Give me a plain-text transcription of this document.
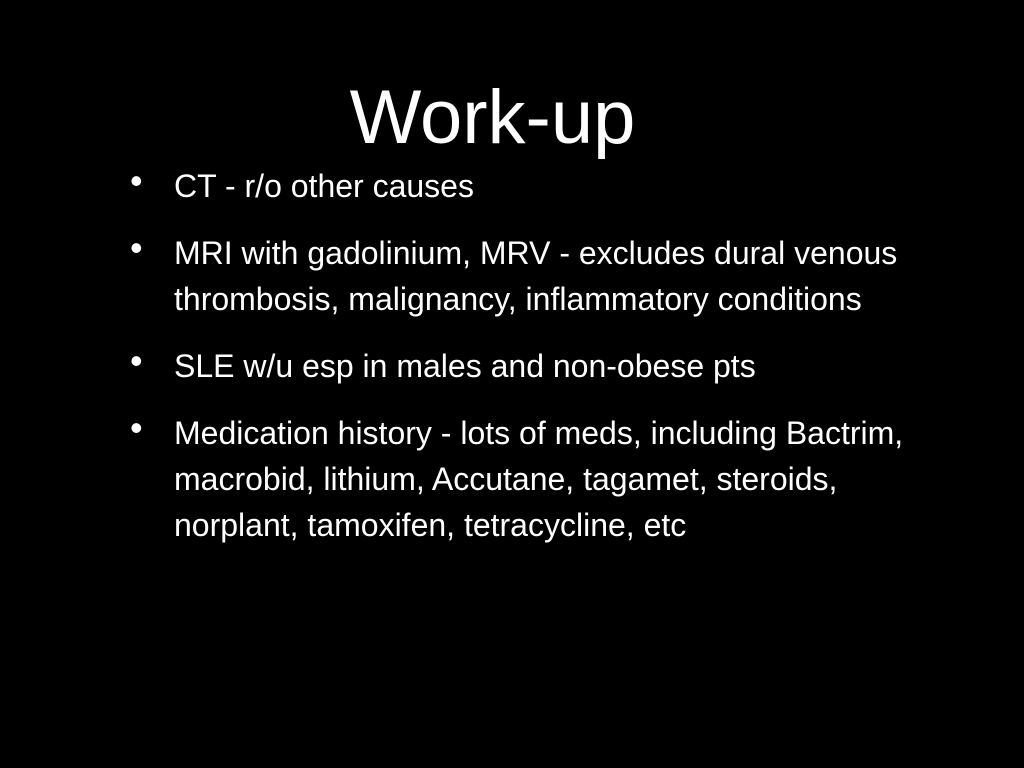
Work-up
• CT - r/o other causes
• MRI with gadolinium, MRV - excludes dural venous thrombosis, malignancy, inflammatory conditions
• SLE w/u esp in males and non-obese pts
• Medication history - lots of meds, including Bactrim, macrobid, lithium, Accutane, tagamet, steroids, norplant, tamoxifen, tetracycline, etc
